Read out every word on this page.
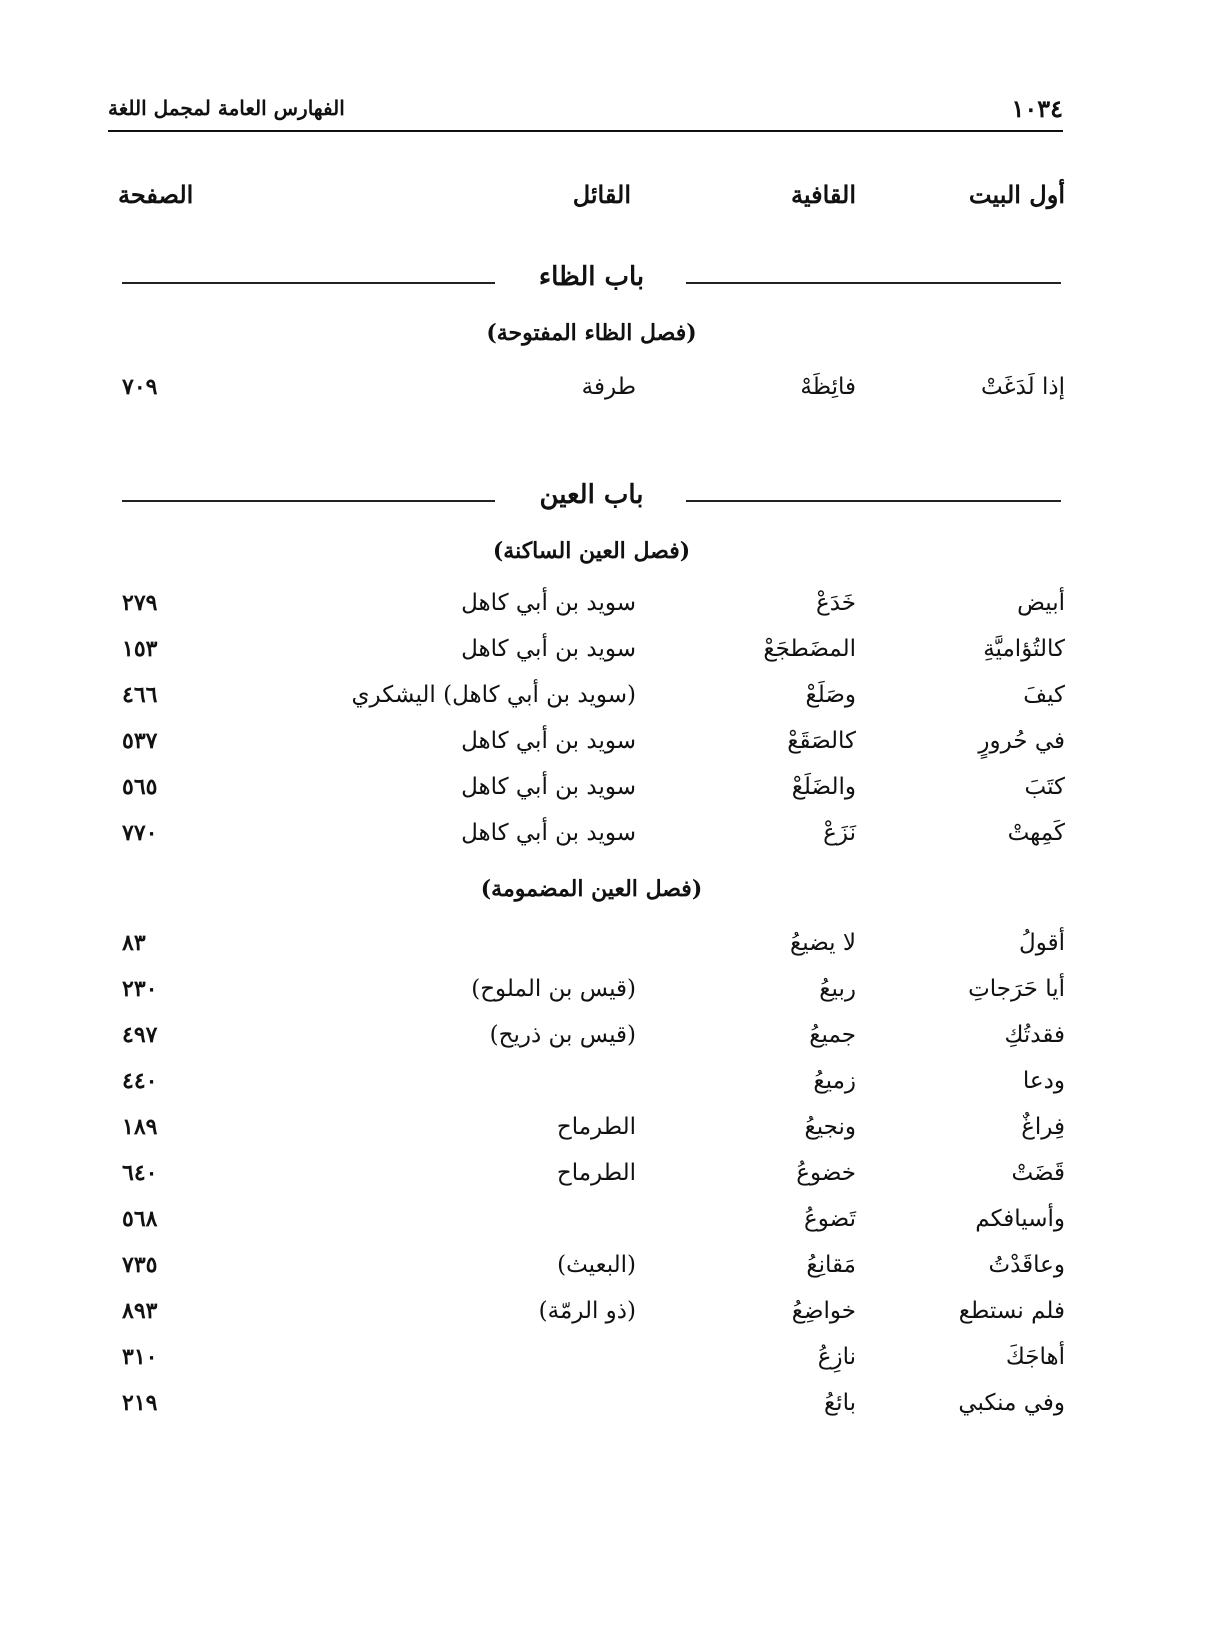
١٠٣٤
الفهارس العامة لمجمل اللغة
أول البيت
القافية
القائل
الصفحة
باب الظاء
(فصل الظاء المفتوحة)
إذا لَدَغَتْ
فائِظَهْ
طرفة
٧٠٩
باب العين
(فصل العين الساكنة)
أبيض
خَدَعْ
سويد بن أبي كاهل
٢٧٩
كالتُؤاميَّةِ
المضَطجَعْ
سويد بن أبي كاهل
١٥٣
كيفَ
وصَلَعْ
(سويد بن أبي كاهل) اليشكري
٤٦٦
في حُرورٍ
كالصَقَعْ
سويد بن أبي كاهل
٥٣٧
كتَبَ
والضَلَعْ
سويد بن أبي كاهل
٥٦٥
كَمِهتْ
نَزَعْ
سويد بن أبي كاهل
٧٧٠
(فصل العين المضمومة)
أقولُ
لا يضيعُ
٨٣
أيا حَرَجاتِ
ربيعُ
(قيس بن الملوح)
٢٣٠
فقدتُكِ
جميعُ
(قيس بن ذريح)
٤٩٧
ودعا
زميعُ
٤٤٠
فِراغٌ
ونجيعُ
الطرماح
١٨٩
قَضَتْ
خضوعُ
الطرماح
٦٤٠
وأسيافكم
تَضوعُ
٥٦٨
وعاقَدْتُ
مَقانِعُ
(البعيث)
٧٣٥
فلم نستطع
خواضِعُ
(ذو الرمّة)
٨٩٣
أهاجَكَ
نازِعُ
٣١٠
وفي منكبي
بائعُ
٢١٩
